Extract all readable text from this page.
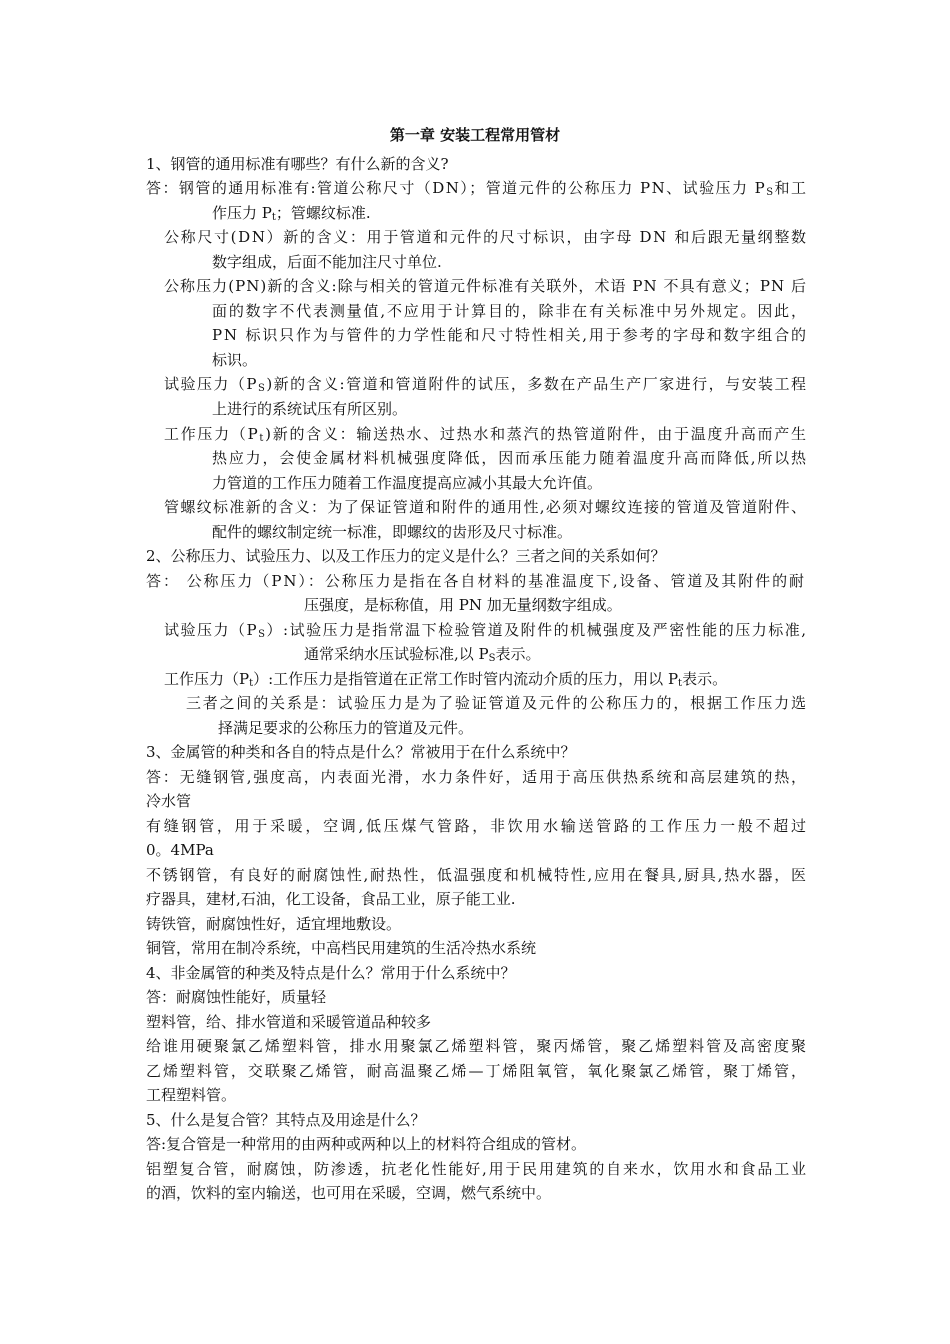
第一章 安装工程常用管材
1、钢管的通用标准有哪些？有什么新的含义?
答：钢管的通用标准有:管道公称尺寸（DN）；管道元件的公称压力 PN、试验压力 $P_S$和工
作压力 $P_t$；管螺纹标准.
公称尺寸(DN）新的含义：用于管道和元件的尺寸标识，由字母 DN 和后跟无量纲整数
数字组成，后面不能加注尺寸单位.
公称压力(PN)新的含义:除与相关的管道元件标准有关联外，术语 PN 不具有意义；PN 后
面的数字不代表测量值,不应用于计算目的，除非在有关标准中另外规定。因此，
PN 标识只作为与管件的力学性能和尺寸特性相关,用于参考的字母和数字组合的
标识。
试验压力$(P_S)$新的含义:管道和管道附件的试压，多数在产品生产厂家进行，与安装工程
上进行的系统试压有所区别。
工作压力$(P_t)$新的含义：输送热水、过热水和蒸汽的热管道附件，由于温度升高而产生
热应力，会使金属材料机械强度降低，因而承压能力随着温度升高而降低,所以热
力管道的工作压力随着工作温度提高应减小其最大允许值。
管螺纹标准新的含义：为了保证管道和附件的通用性,必须对螺纹连接的管道及管道附件、
配件的螺纹制定统一标准，即螺纹的齿形及尺寸标准。
2、公称压力、试验压力、以及工作压力的定义是什么？三者之间的关系如何？
答： 公称压力（PN）：公称压力是指在各自材料的基准温度下,设备、管道及其附件的耐
压强度，是标称值，用 PN 加无量纲数字组成。
试验压力$(P_S)$:试验压力是指常温下检验管道及附件的机械强度及严密性能的压力标准,
通常采纳水压试验标准,以 $P_S$表示。
工作压力$(P_t)$:工作压力是指管道在正常工作时管内流动介质的压力，用以 $P_t$表示。
三者之间的关系是：试验压力是为了验证管道及元件的公称压力的，根据工作压力选
择满足要求的公称压力的管道及元件。
3、金属管的种类和各自的特点是什么？常被用于在什么系统中？
答：无缝钢管,强度高，内表面光滑，水力条件好，适用于高压供热系统和高层建筑的热，
冷水管
有缝钢管，用于采暖，空调,低压煤气管路，非饮用水输送管路的工作压力一般不超过
0。4MPa
不锈钢管，有良好的耐腐蚀性,耐热性，低温强度和机械特性,应用在餐具,厨具,热水器，医
疗器具，建材,石油，化工设备，食品工业，原子能工业.
铸铁管，耐腐蚀性好，适宜埋地敷设。
铜管，常用在制冷系统，中高档民用建筑的生活冷热水系统
4、非金属管的种类及特点是什么？常用于什么系统中？
答：耐腐蚀性能好，质量轻
塑料管，给、排水管道和采暖管道品种较多
给谁用硬聚氯乙烯塑料管，排水用聚氯乙烯塑料管，聚丙烯管，聚乙烯塑料管及高密度聚
乙烯塑料管，交联聚乙烯管，耐高温聚乙烯—丁烯阻氧管，氧化聚氯乙烯管，聚丁烯管，
工程塑料管。
5、什么是复合管？其特点及用途是什么？
答:复合管是一种常用的由两种或两种以上的材料符合组成的管材。
铝塑复合管，耐腐蚀，防渗透，抗老化性能好,用于民用建筑的自来水，饮用水和食品工业
的酒，饮料的室内输送，也可用在采暖，空调，燃气系统中。
